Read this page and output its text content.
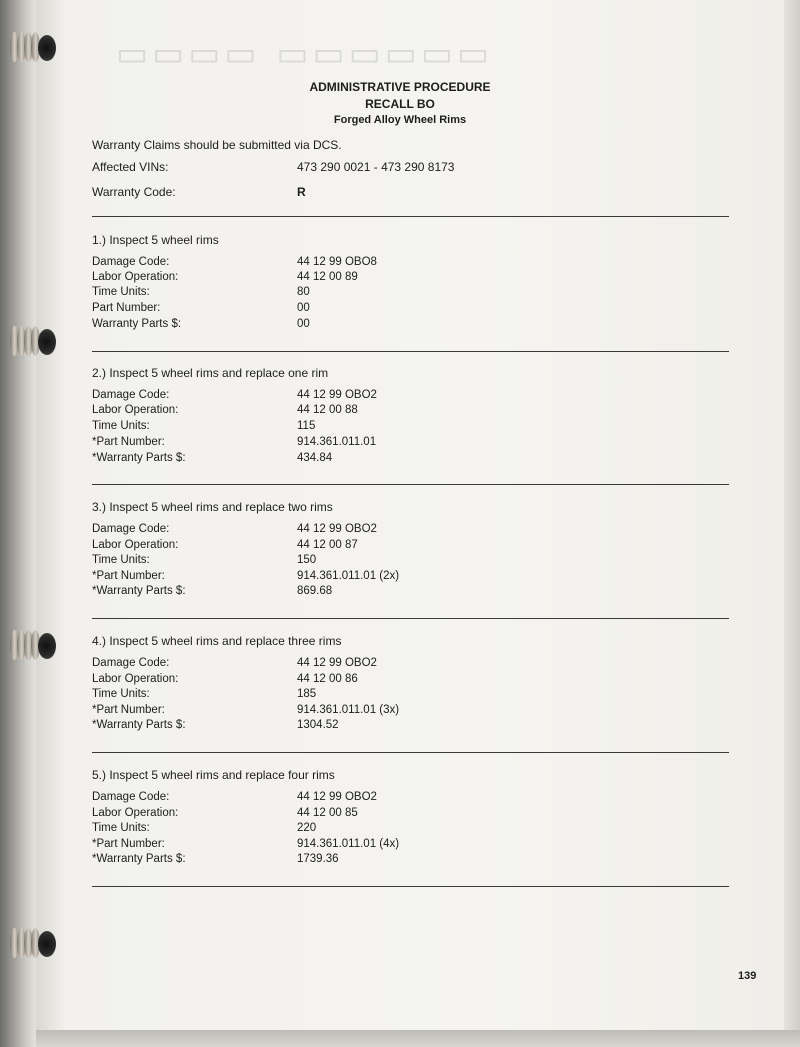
▭▭▭▭▭▭ ▭▭▭▭
ADMINISTRATIVE PROCEDURE
RECALL BO
Forged Alloy Wheel Rims
Warranty Claims should be submitted via DCS.
Affected VINs:	473 290 0021 - 473 290 8173
Warranty Code:	R
1.) Inspect 5 wheel rims
Damage Code:	44 12 99 OBO8
Labor Operation:	44 12 00 89
Time Units:	80
Part Number:	00
Warranty Parts $:	00
2.) Inspect 5 wheel rims and replace one rim
Damage Code:	44 12 99 OBO2
Labor Operation:	44 12 00 88
Time Units:	115
*Part Number:	914.361.011.01
*Warranty Parts $:	434.84
3.) Inspect 5 wheel rims and replace two rims
Damage Code:	44 12 99 OBO2
Labor Operation:	44 12 00 87
Time Units:	150
*Part Number:	914.361.011.01 (2x)
*Warranty Parts $:	869.68
4.) Inspect 5 wheel rims and replace three rims
Damage Code:	44 12 99 OBO2
Labor Operation:	44 12 00 86
Time Units:	185
*Part Number:	914.361.011.01 (3x)
*Warranty Parts $:	1304.52
5.) Inspect 5 wheel rims and replace four rims
Damage Code:	44 12 99 OBO2
Labor Operation:	44 12 00 85
Time Units:	220
*Part Number:	914.361.011.01 (4x)
*Warranty Parts $:	1739.36
139
